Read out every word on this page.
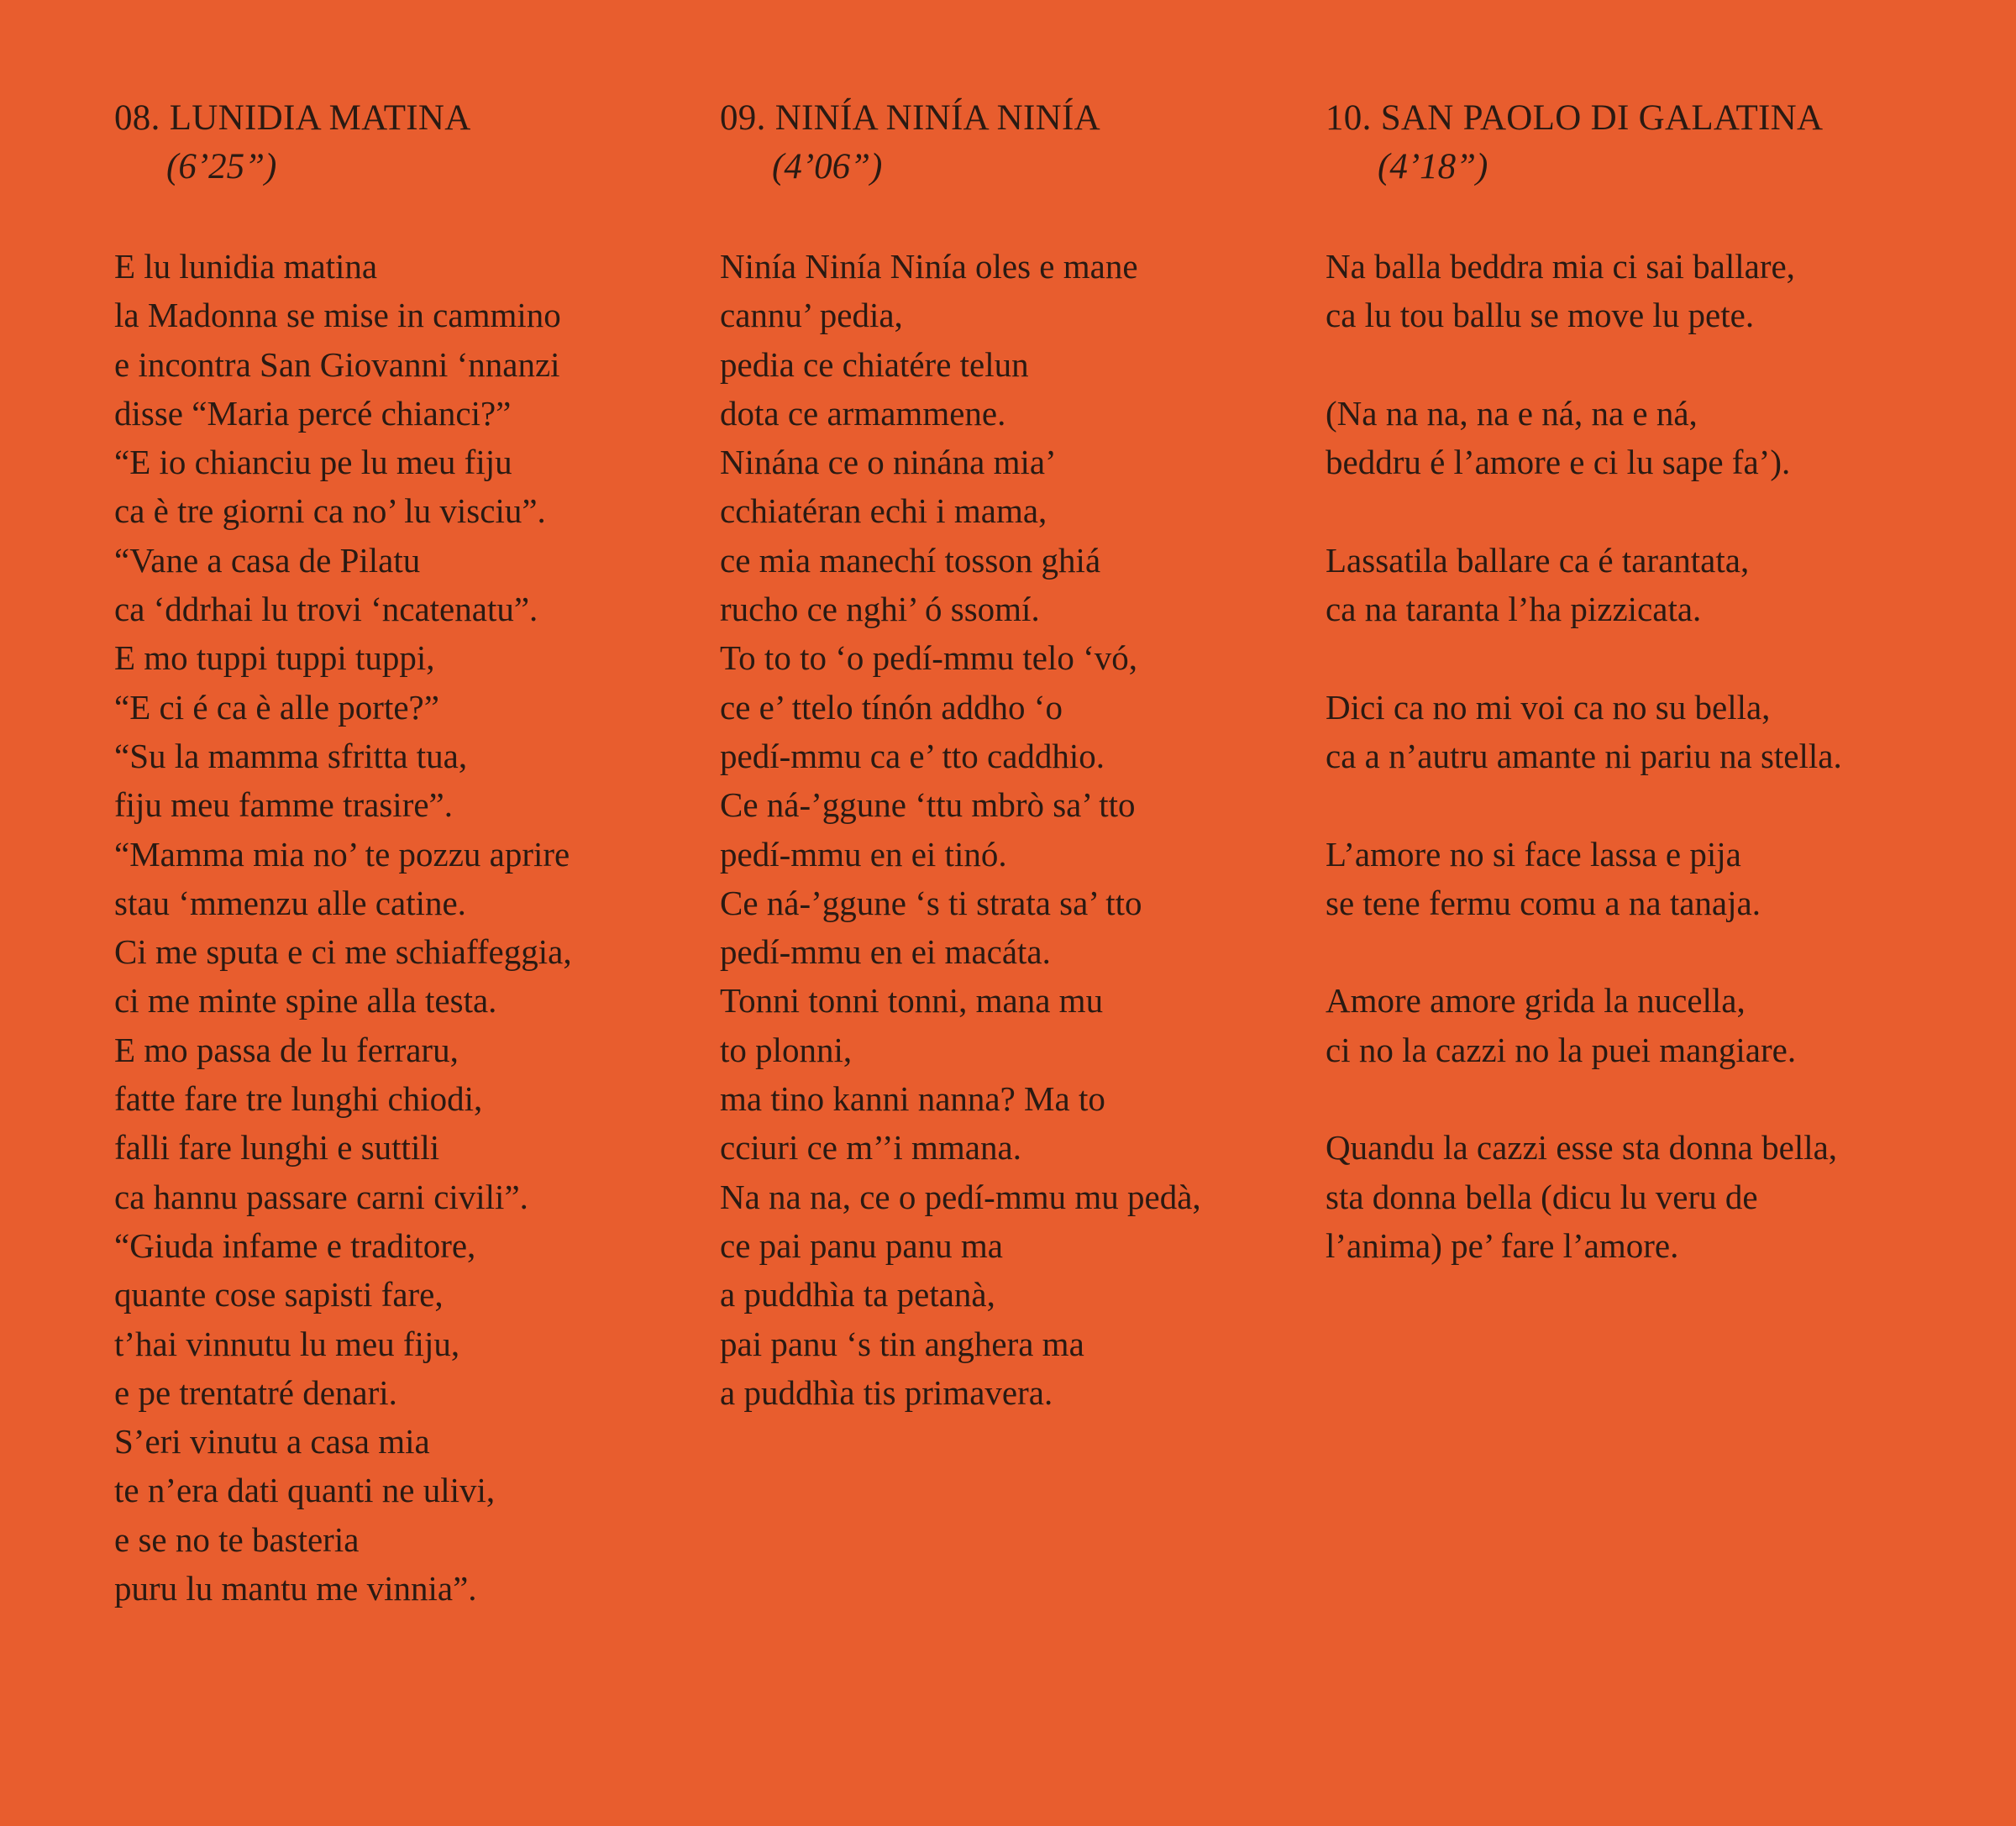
08. LUNIDIA MATINA

(6’25”)

E lu lunidia matina
la Madonna se mise in cammino
e incontra San Giovanni ‘nnanzi
disse “Maria percé chianci?”
“E io chianciu pe lu meu fiju
ca è tre giorni ca no’ lu visciu”.
“Vane a casa de Pilatu
ca ‘ddrhai lu trovi ‘ncatenatu”.
E mo tuppi tuppi tuppi,
“E ci é ca è alle porte?”
“Su la mamma sfritta tua,
fiju meu famme trasire”.
“Mamma mia no’ te pozzu aprire
stau ‘mmenzu alle catine.
Ci me sputa e ci me schiaffeggia,
ci me minte spine alla testa.
E mo passa de lu ferraru,
fatte fare tre lunghi chiodi,
falli fare lunghi e suttili
ca hannu passare carni civili”.
“Giuda infame e traditore,
quante cose sapisti fare,
t’hai vinnutu lu meu fiju,
e pe trentatré denari.
S’eri vinutu a casa mia
te n’era dati quanti ne ulivi,
e se no te basteria
puru lu mantu me vinnia”.
09. NINÍA NINÍA NINÍA

(4’06”)

Ninía Ninía Ninía oles e mane
cannu’ pedia,
pedia ce chiatére telun
dota ce armammene.
Ninána ce o ninána mia’
cchiatéran echi i mama,
ce mia manechí tosson ghiá
rucho ce nghi’ ó ssomí.
To to to ‘o pedí-mmu telo ‘vó,
ce e’ ttelo tínón addho ‘o
pedí-mmu ca e’ tto caddhio.
Ce ná-’ggune ‘ttu mbrò sa’ tto
pedí-mmu en ei tinó.
Ce ná-’ggune ‘s ti strata sa’ tto
pedí-mmu en ei macáta.
Tonni tonni tonni, mana mu
to plonni,
ma tino kanni nanna? Ma to
cciuri ce m’’i mmana.
Na na na, ce o pedí-mmu mu pedà,
ce pai panu panu ma
a puddhìa ta petanà,
pai panu ‘s tin anghera ma
a puddhìa tis primavera.
10. SAN PAOLO DI GALATINA

(4’18”)

Na balla beddra mia ci sai ballare,
ca lu tou ballu se move lu pete.
(Na na na, na e ná, na e ná,
beddru é l’amore e ci lu sape fa’).
Lassatila ballare ca é tarantata,
ca na taranta l’ha pizzicata.
Dici ca no mi voi ca no su bella,
ca a n’autru amante ni pariu na stella.
L’amore no si face lassa e pija
se tene fermu comu a na tanaja.
Amore amore grida la nucella,
ci no la cazzi no la puei mangiare.
Quandu la cazzi esse sta donna bella,
sta donna bella (dicu lu veru de
l’anima) pe’ fare l’amore.
